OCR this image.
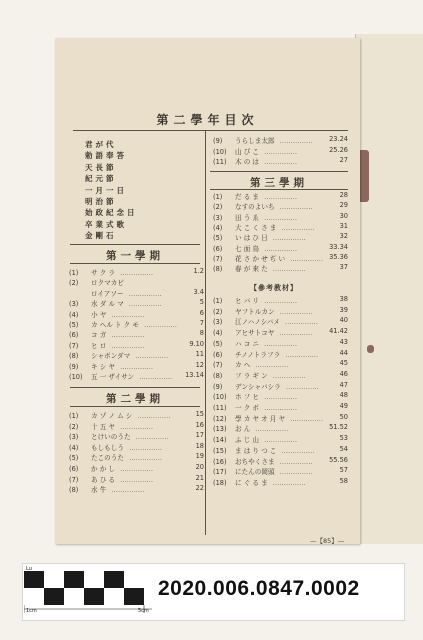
第二學年目次
—【85】—
君が代
勅語奉答
天長節
紀元節
一月一日
明治節
始政紀念日
卒業式歌
金剛石
第一學期
(1) サ ク ラ ……………	1.2
(2) ロクマカビ
ロイアソー ……………	3.4
(3) 水 ダ ル マ ……………	5
(4) 小 ヤ ……………	6
(5) カ ヘル ト ク モ ……………	7
(6) コ ガ ……………	8
(7) ヒ ロ ……………	9.10
(8) シャボンダマ ……………	11
(9) キ シ ヤ ……………	12
(10) 五 一 ザイサン …………… 13.14
第二學期
(1) カ ゾ ノ ム シ ……………	15
(2) 十 五 ヤ ……………	16
(3) とけいのうた ……………	17
(4) もしもしう ……………	18
(5) たこのうた ……………	19
(6) か か し ……………	20
(7) あ ひ る ……………	21
(8) 水 牛 ……………	22
(9) うらしま太郎 …………… 23.24
(10) 山 び こ ……………	25.26
(11) 木 の は ……………	27
第三學期
(1) だ る ま ……………	28
(2) なすのよいち ……………	29
(3) 田 う ゑ ……………	30
(4) 大 こ く さ ま ……………	31
(5) い は ひ 日 ……………	32
(6) 七 面 鳥 ……………	33.34
(7) 花 さ か せ ぢ い …………… 35.36
(8) 春 が 來 た ……………	37
【參考教材】
(1) ヒ バ リ ……………	38
(2) ヤフトルカン ……………	39
(3) 江ノハノシバメ ……………	40
(4) アヒサトコヤ ……………	41.42
(5) ハ コ ニ ……………	43
(6) チノノトラフラ ……………	44
(7) カ ヘ ……………	45
(8) フ ラ ギ ン ……………	46
(9) デンシャバシラ ……………	47
(10) ホ フ ヒ ……………	48
(11) 一 ク ボ ……………	49
(12) 學 カ ヤ オ 月 ヤ …………… 50
(13) お ん ……………	51.52
(14) ふ じ 山 ……………	53
(15) ま は り つ こ ……………	54
(16) おちやくさま …………… 55.56
(17) にたんの岡頭 ……………	57
(18) に ぐ る ま ……………	58
1cm	5cm
Lu
2020.006.0847.0002
